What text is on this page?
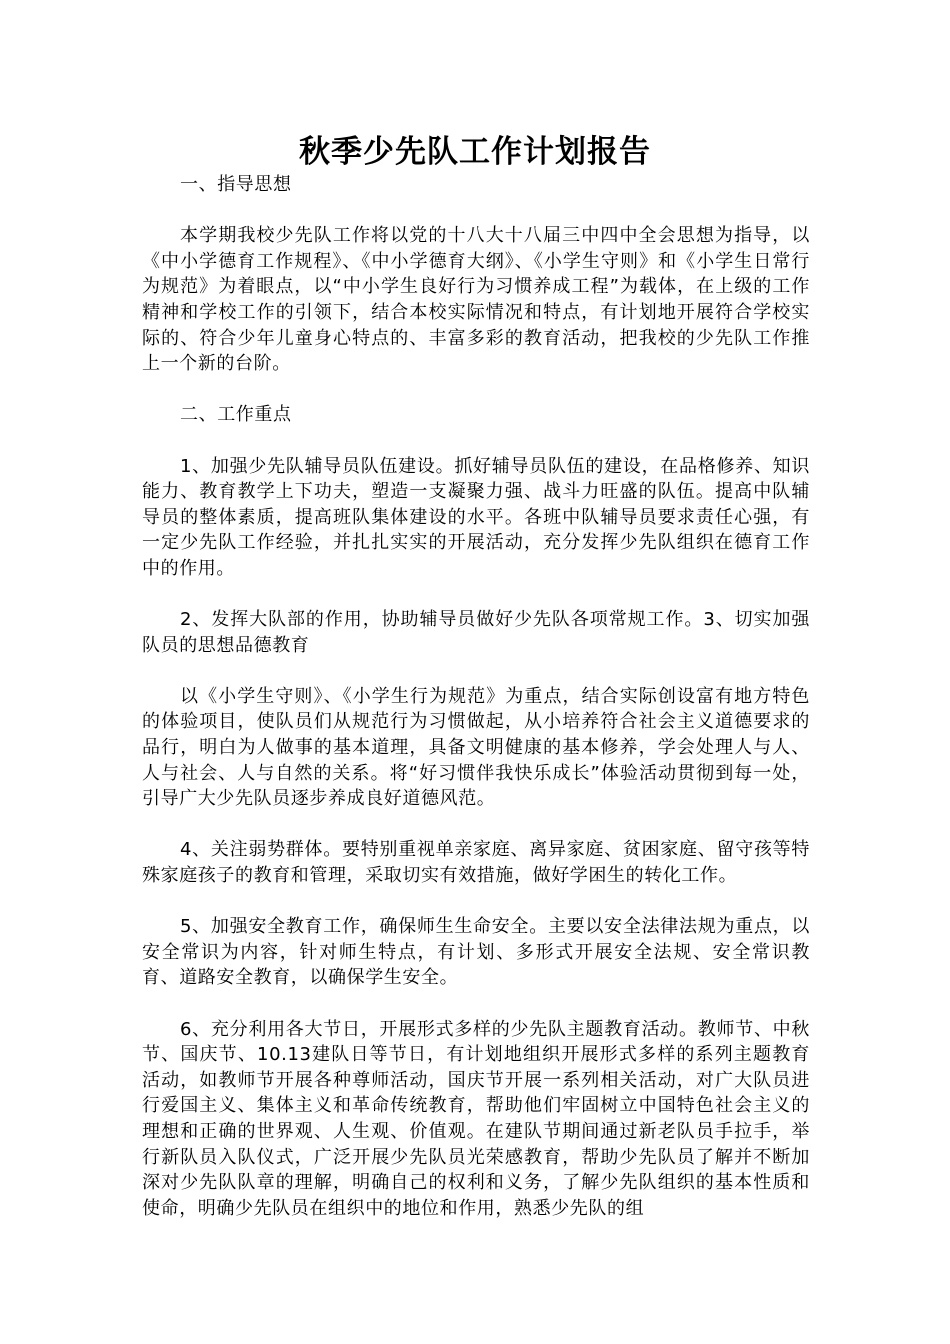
秋季少先队工作计划报告

一、指导思想

本学期我校少先队工作将以党的十八大十八届三中四中全会思想为指导，以《中小学德育工作规程》、《中小学德育大纲》、《小学生守则》和《小学生日常行为规范》为着眼点，以“中小学生良好行为习惯养成工程”为载体，在上级的工作精神和学校工作的引领下，结合本校实际情况和特点，有计划地开展符合学校实际的、符合少年儿童身心特点的、丰富多彩的教育活动，把我校的少先队工作推上一个新的台阶。

二、工作重点

1、加强少先队辅导员队伍建设。抓好辅导员队伍的建设，在品格修养、知识能力、教育教学上下功夫，塑造一支凝聚力强、战斗力旺盛的队伍。提高中队辅导员的整体素质，提高班队集体建设的水平。各班中队辅导员要求责任心强，有一定少先队工作经验，并扎扎实实的开展活动，充分发挥少先队组织在德育工作中的作用。

2、发挥大队部的作用，协助辅导员做好少先队各项常规工作。3、切实加强队员的思想品德教育

以《小学生守则》、《小学生行为规范》为重点，结合实际创设富有地方特色的体验项目，使队员们从规范行为习惯做起，从小培养符合社会主义道德要求的品行，明白为人做事的基本道理，具备文明健康的基本修养，学会处理人与人、人与社会、人与自然的关系。将“好习惯伴我快乐成长”体验活动贯彻到每一处，引导广大少先队员逐步养成良好道德风范。

4、关注弱势群体。要特别重视单亲家庭、离异家庭、贫困家庭、留守孩等特殊家庭孩子的教育和管理，采取切实有效措施，做好学困生的转化工作。

5、加强安全教育工作，确保师生生命安全。主要以安全法律法规为重点，以安全常识为内容，针对师生特点，有计划、多形式开展安全法规、安全常识教育、道路安全教育，以确保学生安全。

6、充分利用各大节日，开展形式多样的少先队主题教育活动。教师节、中秋节、国庆节、10.13建队日等节日，有计划地组织开展形式多样的系列主题教育活动，如教师节开展各种尊师活动，国庆节开展一系列相关活动，对广大队员进行爱国主义、集体主义和革命传统教育，帮助他们牢固树立中国特色社会主义的理想和正确的世界观、人生观、价值观。在建队节期间通过新老队员手拉手，举行新队员入队仪式，广泛开展少先队员光荣感教育，帮助少先队员了解并不断加深对少先队队章的理解，明确自己的权利和义务，了解少先队组织的基本性质和使命，明确少先队员在组织中的地位和作用，熟悉少先队的组
